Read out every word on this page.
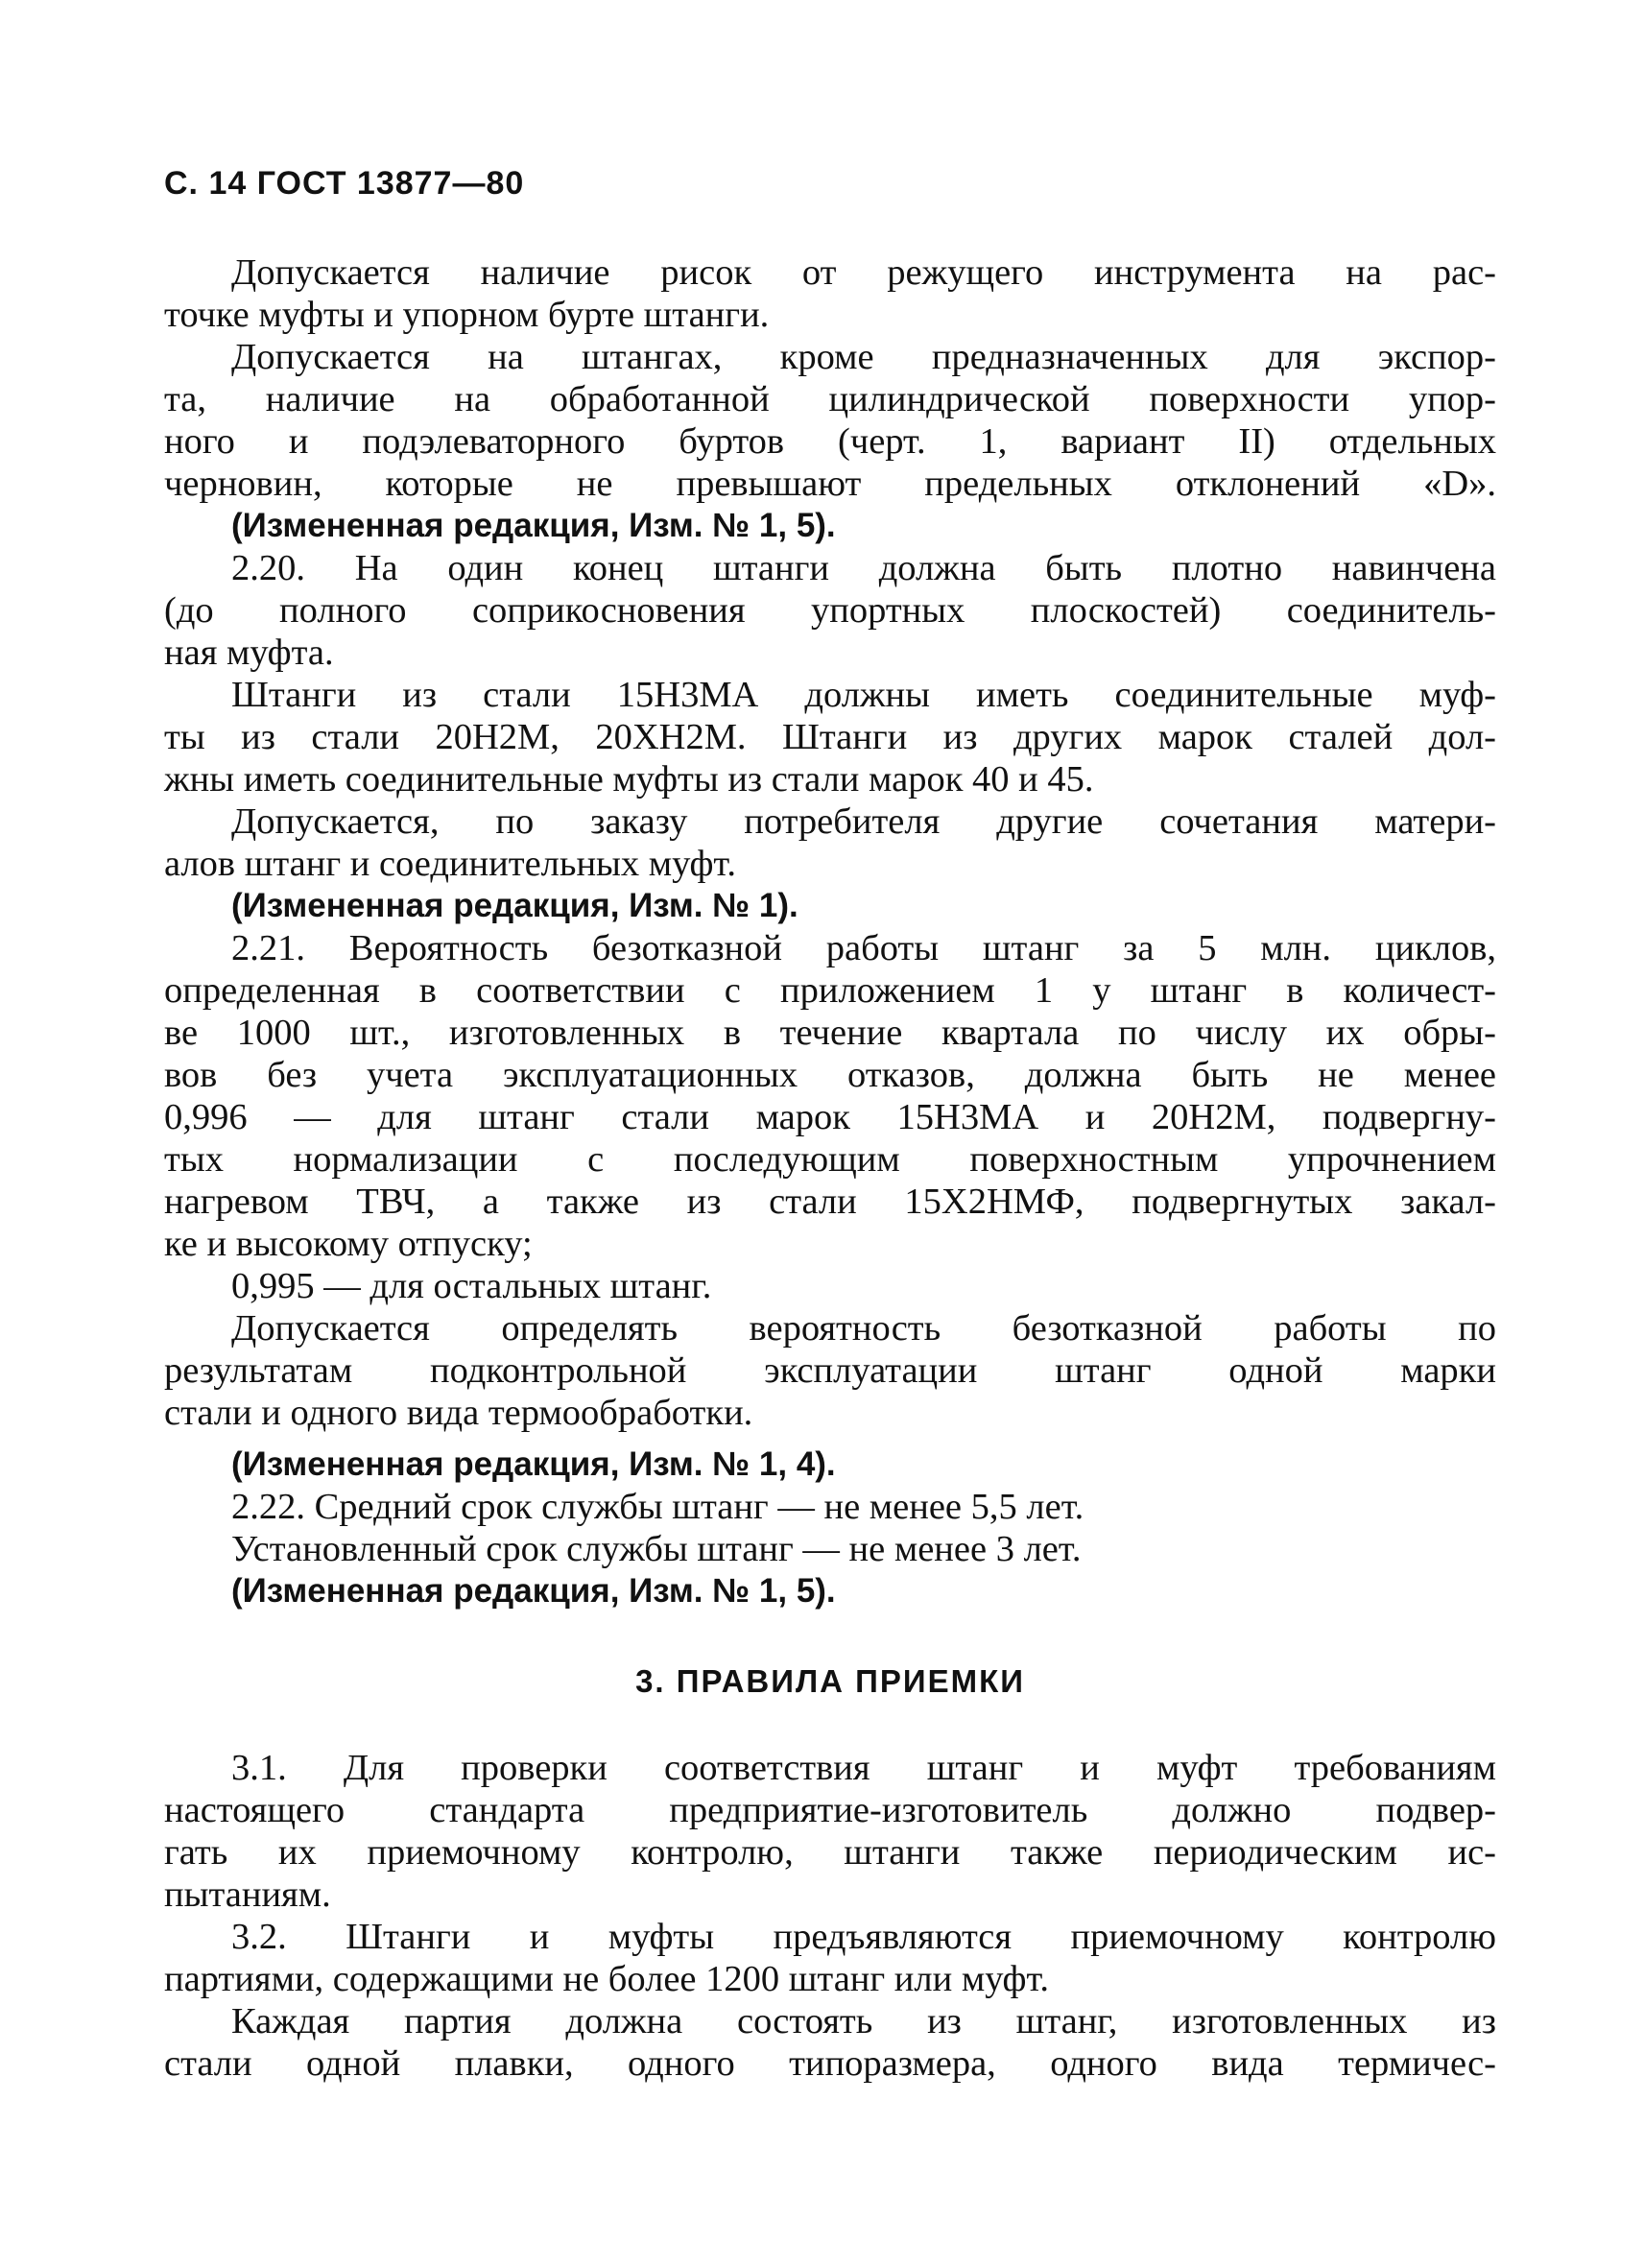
С. 14 ГОСТ 13877—80
Допускается наличие рисок от режущего инструмента на рас-
точке муфты и упорном бурте штанги.
Допускается на штангах, кроме предназначенных для экспор-
та, наличие на обработанной цилиндрической поверхности упор-
ного и подэлеваторного буртов (черт. 1, вариант II) отдельных
черновин, которые не превышают предельных отклонений «D».
(Измененная редакция, Изм. № 1, 5).
2.20. На один конец штанги должна быть плотно навинчена
(до полного соприкосновения упортных плоскостей) соединитель-
ная муфта.
Штанги из стали 15Н3МА должны иметь соединительные муф-
ты из стали 20Н2М, 20ХН2М. Штанги из других марок сталей дол-
жны иметь соединительные муфты из стали марок 40 и 45.
Допускается, по заказу потребителя другие сочетания матери-
алов штанг и соединительных муфт.
(Измененная редакция, Изм. № 1).
2.21. Вероятность безотказной работы штанг за 5 млн. циклов,
определенная в соответствии с приложением 1 у штанг в количест-
ве 1000 шт., изготовленных в течение квартала по числу их обры-
вов без учета эксплуатационных отказов, должна быть не менее
0,996 — для штанг стали марок 15Н3МА и 20Н2М, подвергну-
тых нормализации с последующим поверхностным упрочнением
нагревом ТВЧ, а также из стали 15Х2НМФ, подвергнутых закал-
ке и высокому отпуску;
0,995 — для остальных штанг.
Допускается определять вероятность безотказной работы по
результатам подконтрольной эксплуатации штанг одной марки
стали и одного вида термообработки.
(Измененная редакция, Изм. № 1, 4).
2.22. Средний срок службы штанг — не менее 5,5 лет.
Установленный срок службы штанг — не менее 3 лет.
(Измененная редакция, Изм. № 1, 5).
3. ПРАВИЛА ПРИЕМКИ
3.1. Для проверки соответствия штанг и муфт требованиям
настоящего стандарта предприятие-изготовитель должно подвер-
гать их приемочному контролю, штанги также периодическим ис-
пытаниям.
3.2. Штанги и муфты предъявляются приемочному контролю
партиями, содержащими не более 1200 штанг или муфт.
Каждая партия должна состоять из штанг, изготовленных из
стали одной плавки, одного типоразмера, одного вида термичес-
